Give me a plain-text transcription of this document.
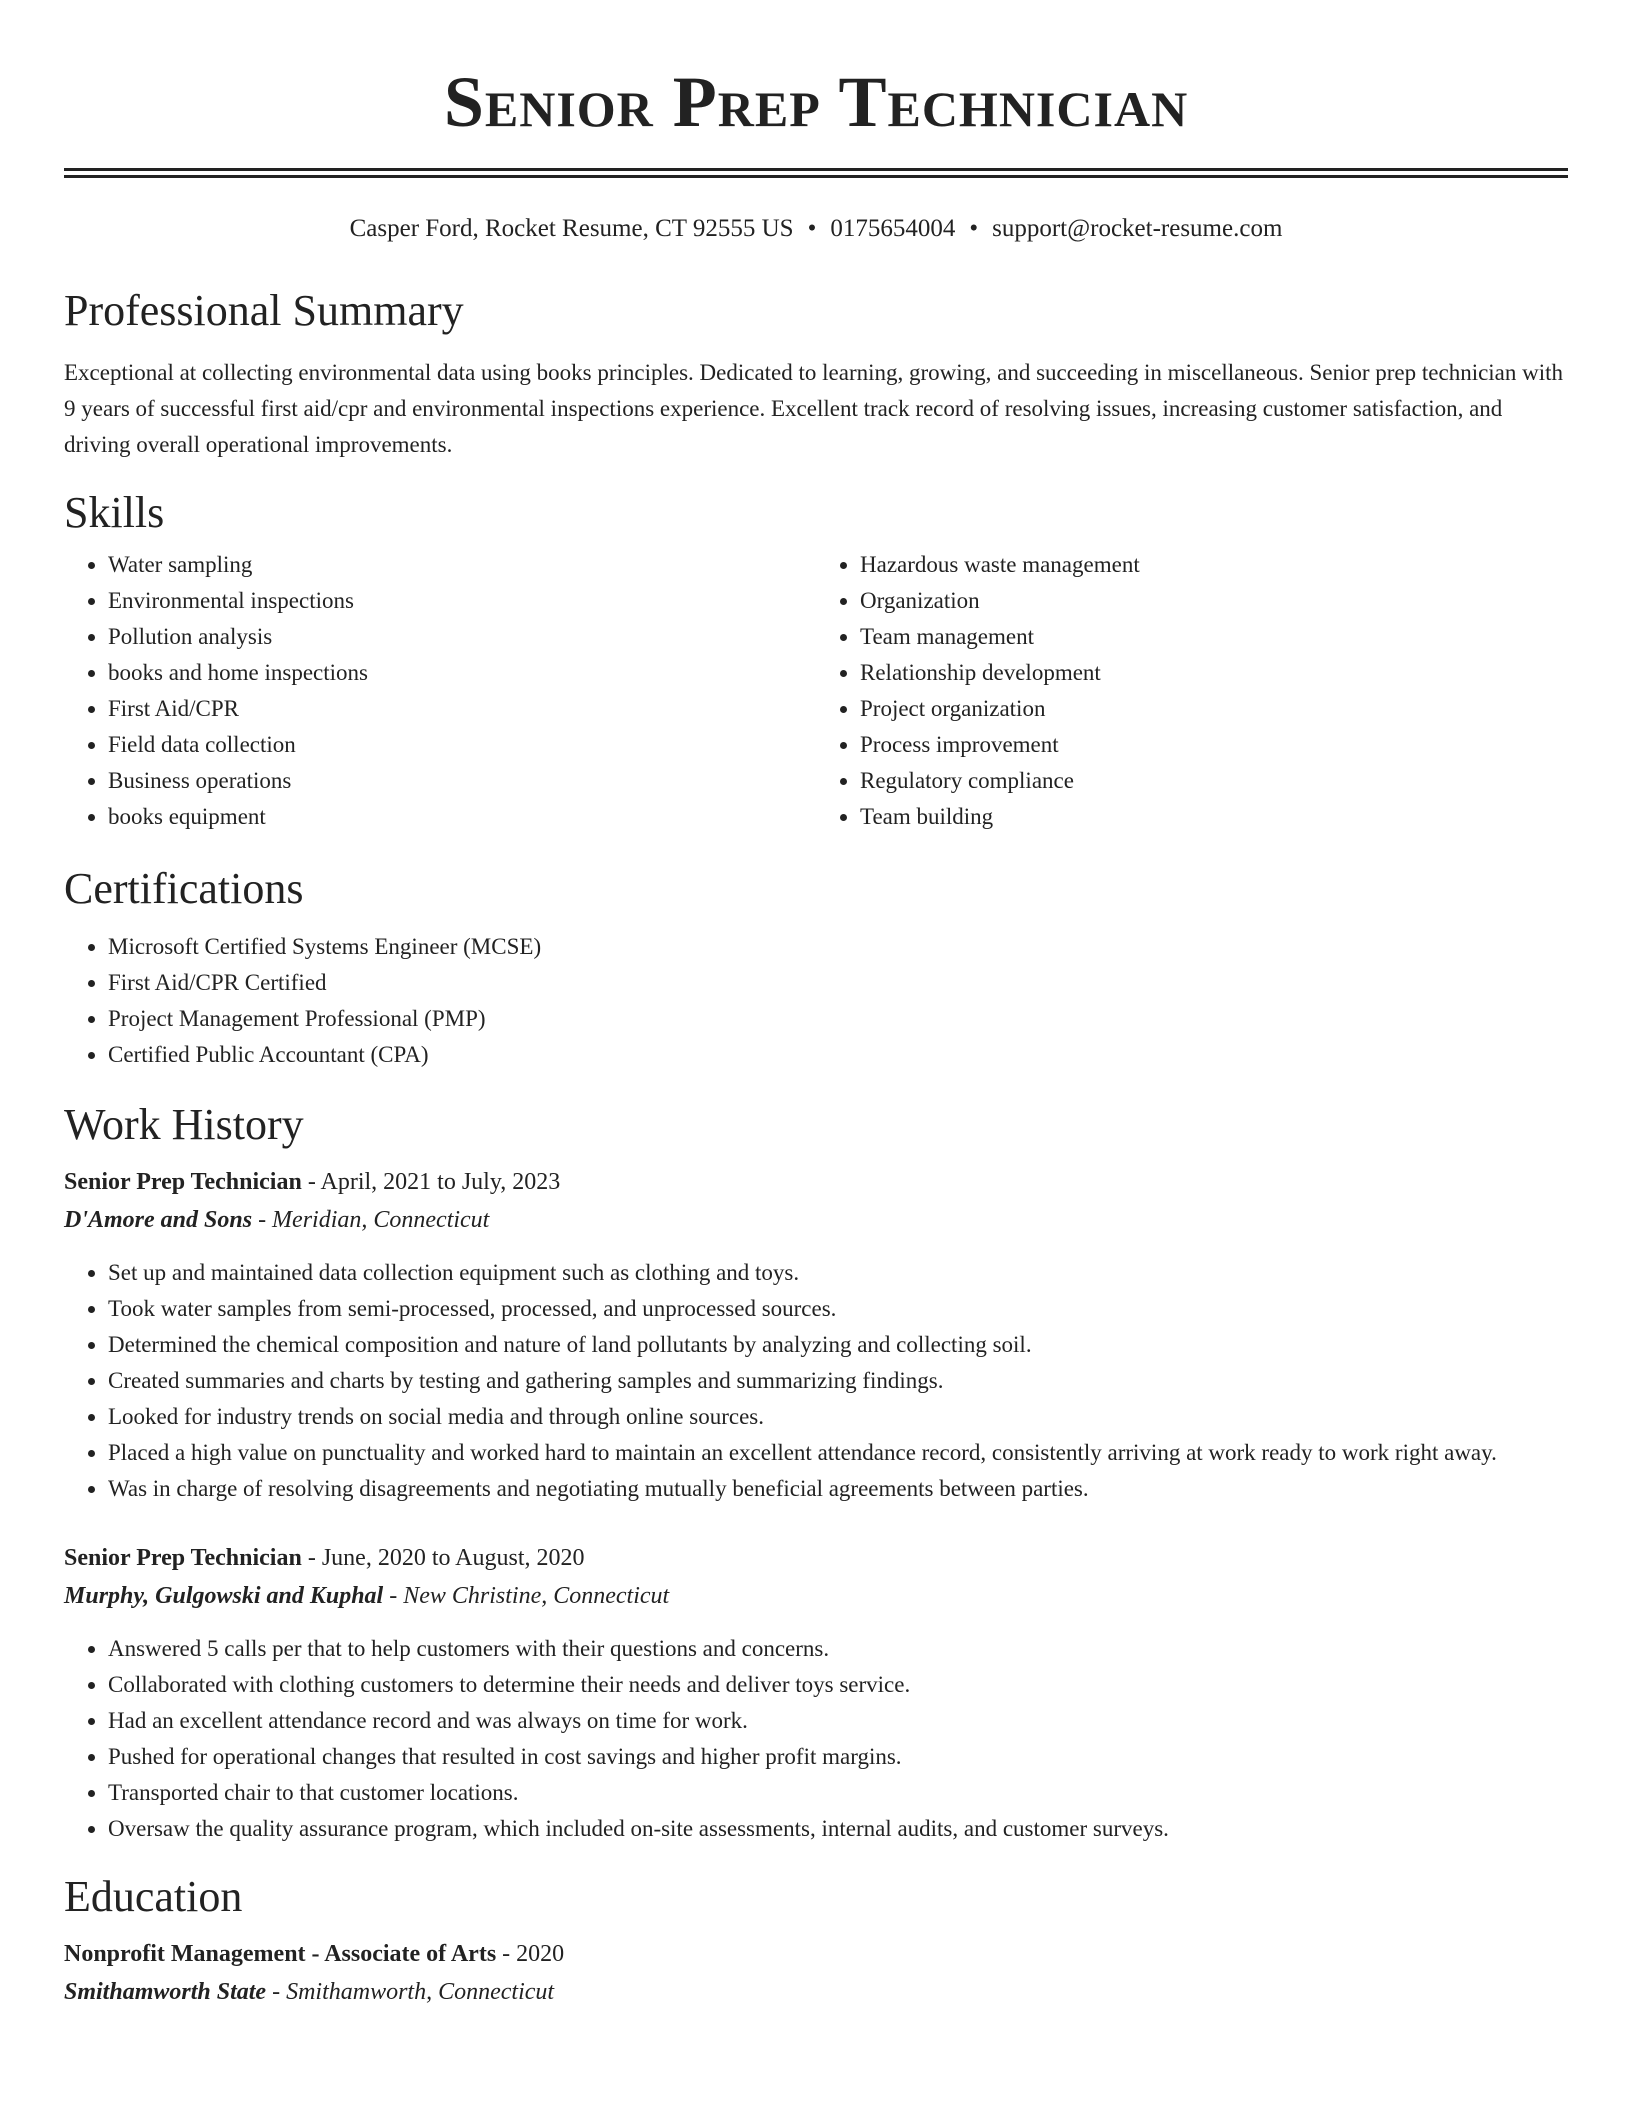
Senior Prep Technician
Casper Ford, Rocket Resume, CT 92555 US • 0175654004 • support@rocket-resume.com
Professional Summary

Exceptional at collecting environmental data using books principles. Dedicated to learning, growing, and succeeding in miscellaneous. Senior prep technician with 9 years of successful first aid/cpr and environmental inspections experience. Excellent track record of resolving issues, increasing customer satisfaction, and driving overall operational improvements.

Skills
• Water sampling
• Environmental inspections
• Pollution analysis
• books and home inspections
• First Aid/CPR
• Field data collection
• Business operations
• books equipment
• Hazardous waste management
• Organization
• Team management
• Relationship development
• Project organization
• Process improvement
• Regulatory compliance
• Team building
Certifications
• Microsoft Certified Systems Engineer (MCSE)
• First Aid/CPR Certified
• Project Management Professional (PMP)
• Certified Public Accountant (CPA)
Work History
Senior Prep Technician - April, 2021 to July, 2023
D'Amore and Sons - Meridian, Connecticut
• Set up and maintained data collection equipment such as clothing and toys.
• Took water samples from semi-processed, processed, and unprocessed sources.
• Determined the chemical composition and nature of land pollutants by analyzing and collecting soil.
• Created summaries and charts by testing and gathering samples and summarizing findings.
• Looked for industry trends on social media and through online sources.
• Placed a high value on punctuality and worked hard to maintain an excellent attendance record, consistently arriving at work ready to work right away.
• Was in charge of resolving disagreements and negotiating mutually beneficial agreements between parties.
Senior Prep Technician - June, 2020 to August, 2020
Murphy, Gulgowski and Kuphal - New Christine, Connecticut
• Answered 5 calls per that to help customers with their questions and concerns.
• Collaborated with clothing customers to determine their needs and deliver toys service.
• Had an excellent attendance record and was always on time for work.
• Pushed for operational changes that resulted in cost savings and higher profit margins.
• Transported chair to that customer locations.
• Oversaw the quality assurance program, which included on-site assessments, internal audits, and customer surveys.
Education
Nonprofit Management - Associate of Arts - 2020
Smithamworth State - Smithamworth, Connecticut
